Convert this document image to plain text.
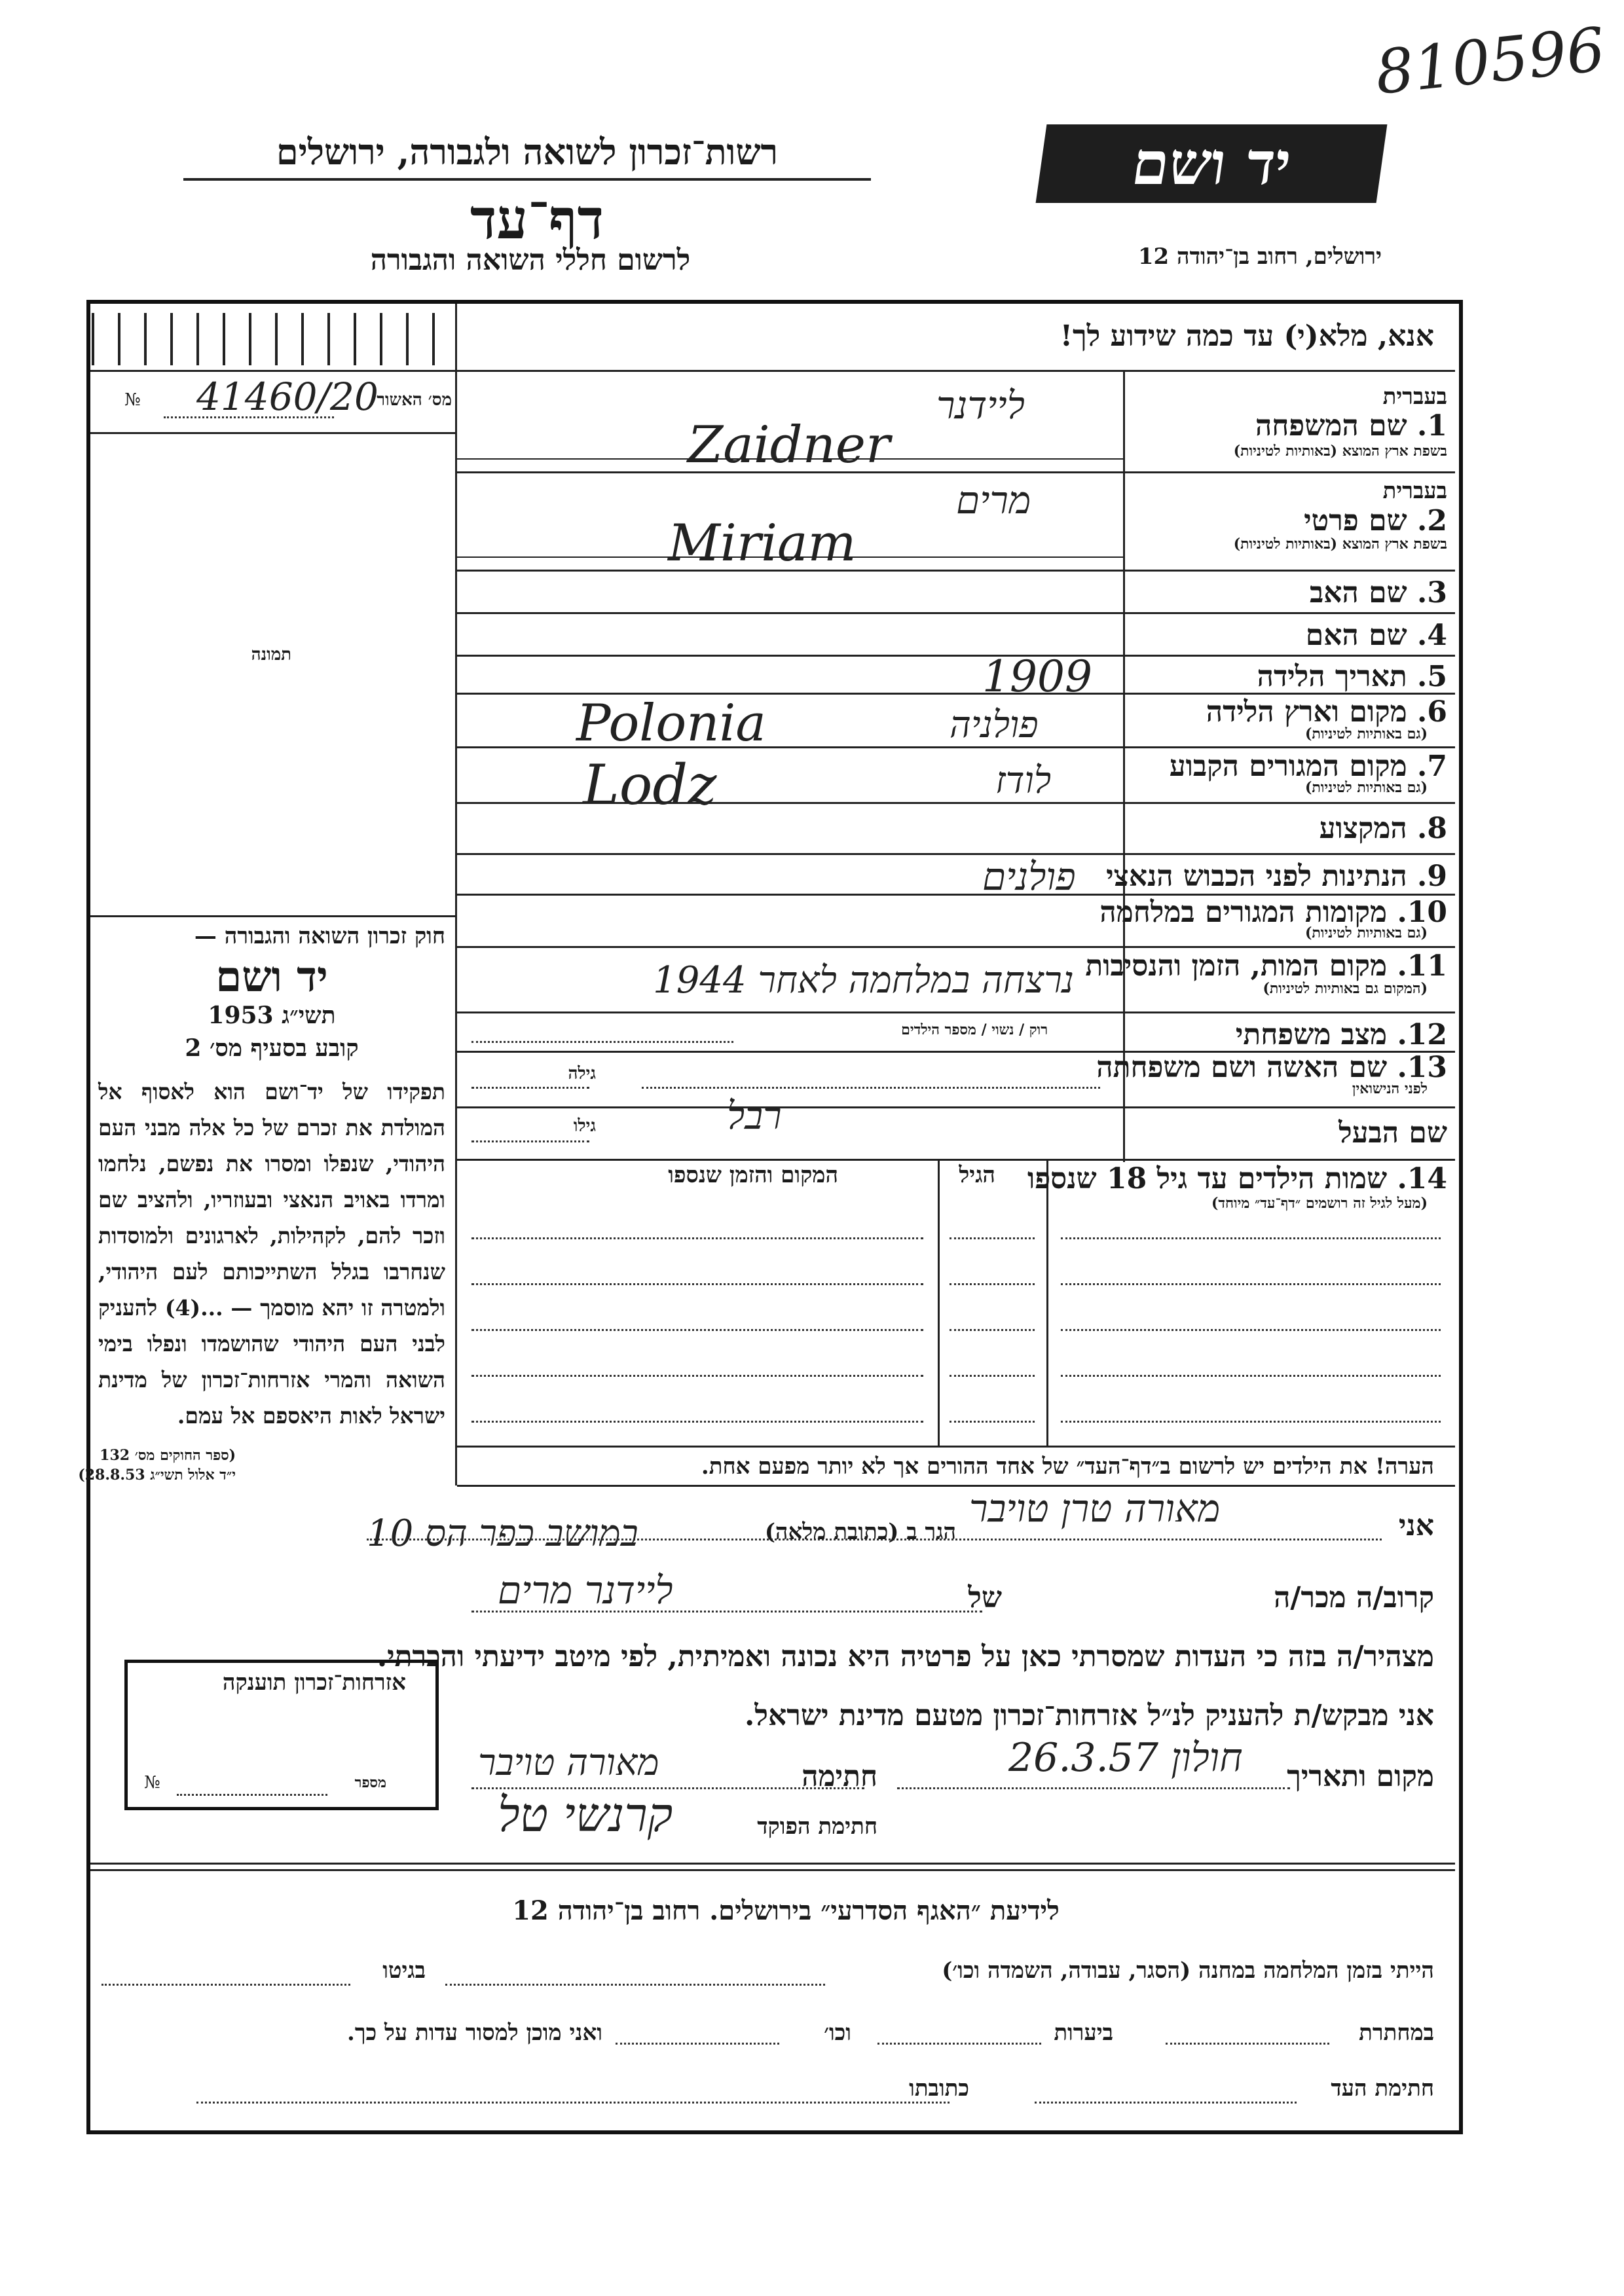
810596
רשות־זכרון לשואה ולגבורה, ירושלים
דף־עד
לרשום חללי השואה והגבורה
יד ושם
ירושלים, רחוב בן־יהודה 12
אנא, מלא(י) עד כמה שידוע לך!
מס׳ האשור
№ 41460/20
תמונה
בעברית
1. שם המשפחה
בשפת ארץ המוצא (באותיות לטיניות)
ליידנר
Zaidner
בעברית
2. שם פרטי
בשפת ארץ המוצא (באותיות לטיניות)
מרים
Miriam
3. שם האב
4. שם האם
5. תאריך הלידה
1909
6. מקום וארץ הלידה
(גם באותיות לטיניות)
פולניה
Polonia
7. מקום המגורים הקבוע
(גם באותיות לטיניות)
לודז
Lodz
8. המקצוע
9. הנתינות לפני הכבוש הנאצי
פולנים
10. מקומות המגורים במלחמה
(גם באותיות לטיניות)
11. מקום המות, הזמן והנסיבות
(המקום גם באותיות לטיניות)
נרצחה במלחמה לאחר 1944
12. מצב משפחתי
רוק / נשוי / מספר הילדים
13. שם האשה ושם משפחתה
לפני הנישואין
גילה
שם הבעל
גילו	רבל
14. שמות הילדים עד גיל 18 שנספו
(מעל לגיל זה רושמים ״דף־עד״ מיוחד)
הגיל
המקום והזמן שנספו
הערה! את הילדים יש לרשום ב״דף־העד״ של אחד ההורים אך לא יותר מפעם אחת.
חוק זכרון השואה והגבורה —
יד ושם
תשי״ג 1953
קובע בסעיף מס׳ 2
תפקידו של יד־ושם הוא לאסוף אל המולדת את זכרם של כל אלה מבני העם היהודי, שנפלו ומסרו את נפשם, נלחמו ומרדו באויב הנאצי ובעוזריו, ולהציב שם וזכר להם, לקהילות, לארגונים ולמוסדות שנחרבו בגלל השתייכותם לעם היהודי, ולמטרה זו יהא מוסמך — ...(4) להעניק לבני העם היהודי שהושמדו ונפלו בימי השואה והמרי אזרחות־זכרון של מדינת ישראל לאות היאספם אל עמם.
(ספר החוקים מס׳ 132
י״ד אלול תשי״ג 28.8.53)
אני
הגר ב (כתובת מלאה)
מאורה טרן טויבר
במושב כפר הס 10
קרוב/ה מכר/ה
של
ליידנר מרים
מצהיר/ה בזה כי העדות שמסרתי כאן על פרטיה היא נכונה ואמיתית, לפי מיטב ידיעתי והכרתי.
אני מבקש/ת להעניק לנ״ל אזרחות־זכרון מטעם מדינת ישראל.
מקום ותאריך
חולון 26.3.57
חתימה
מאורה טויבר
חתימת הפוקד
קרנשי טל
אזרחות־זכרון תוענקה
מספר
№
לידיעת ״האגף הסדרעי״ בירושלים. רחוב בן־יהודה 12
הייתי בזמן המלחמה במחנה (הסגר, עבודה, השמדה וכו׳)
בגיטו
במחתרת
ביערות
וכו׳
ואני מוכן למסור עדות על כך.
חתימת העד
כתובתו
